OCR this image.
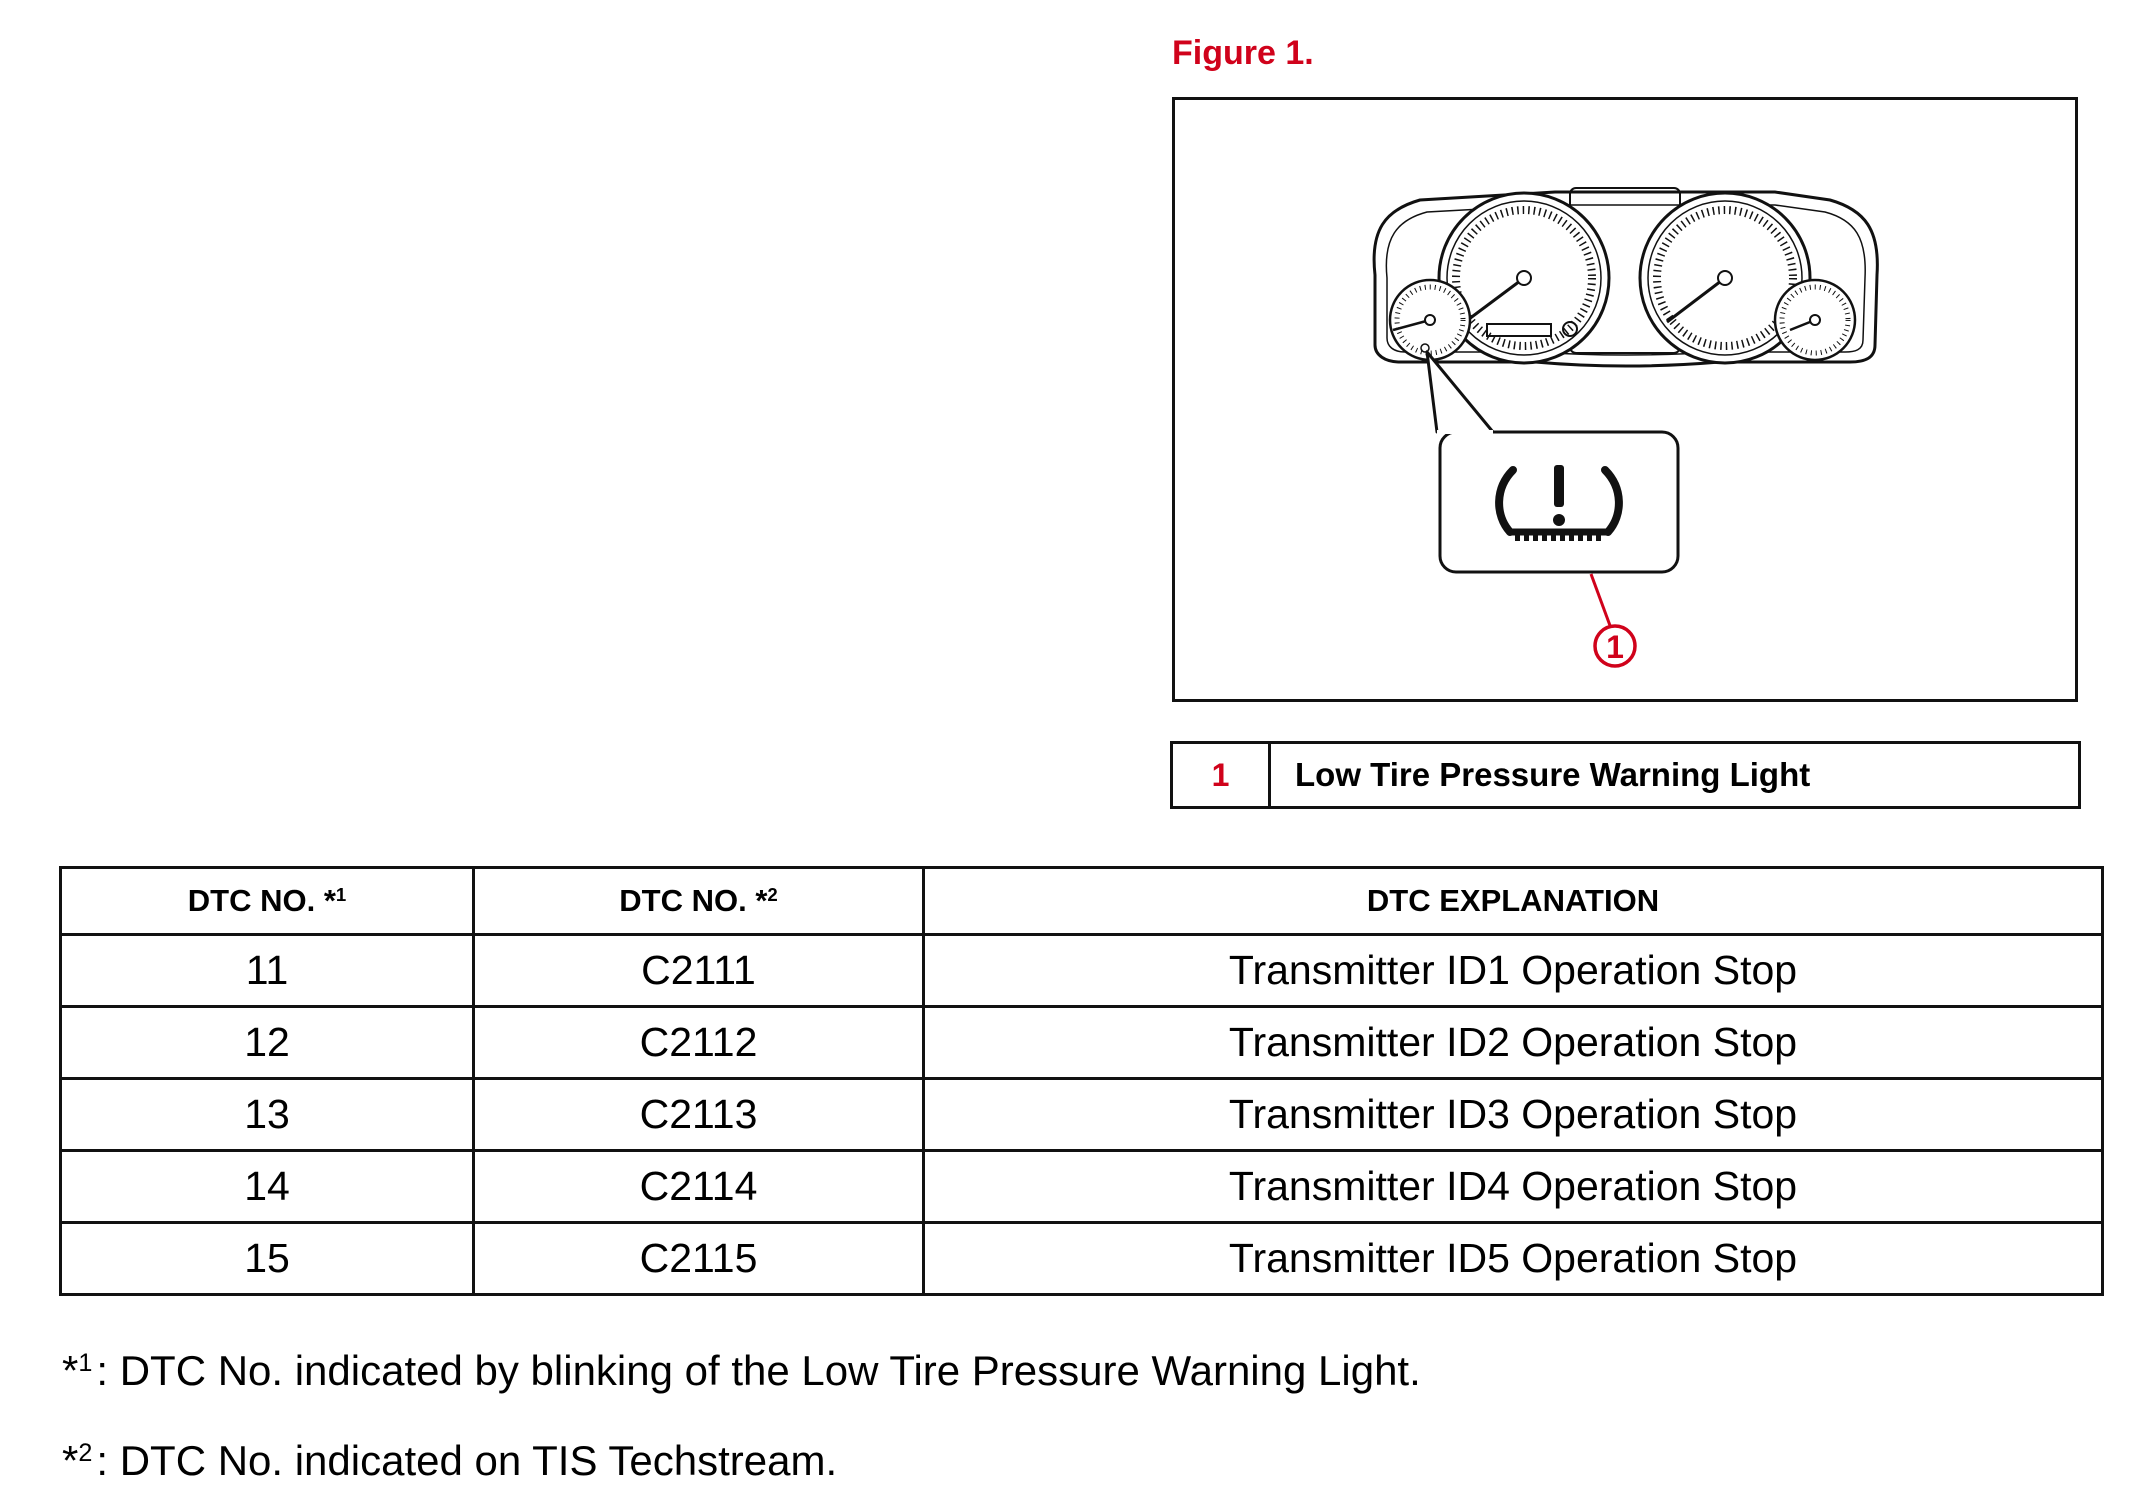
Figure 1.
1
1	Low Tire Pressure Warning Light
DTC NO. *$^1$	DTC NO. *$^2$	DTC EXPLANATION
11	C2111	Transmitter ID1 Operation Stop
12	C2112	Transmitter ID2 Operation Stop
13	C2113	Transmitter ID3 Operation Stop
14	C2114	Transmitter ID4 Operation Stop
15	C2115	Transmitter ID5 Operation Stop
*$^1$: DTC No. indicated by blinking of the Low Tire Pressure Warning Light.
*$^2$: DTC No. indicated on TIS Techstream.
